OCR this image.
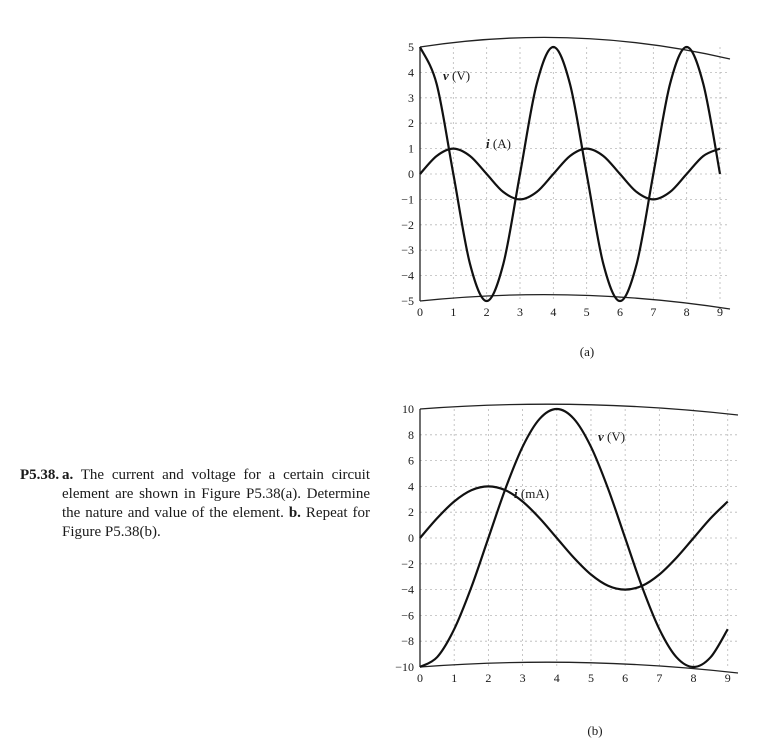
P5.38. a. The current and voltage for a certain circuit element are shown in Figure P5.38(a). Determine the nature and value of the element. b. Repeat for Figure P5.38(b).
5
4
3
2
1
0
−1
−2
−3
−4
−5
0 1 2 3 4 5 6 7 8 9
v (V)
i (A)
(a)
10
8
6
4
2
0
−2
−4
−6
−8
−10
0 1 2 3 4 5 6 7 8 9
v (V)
i (mA)
(b)
